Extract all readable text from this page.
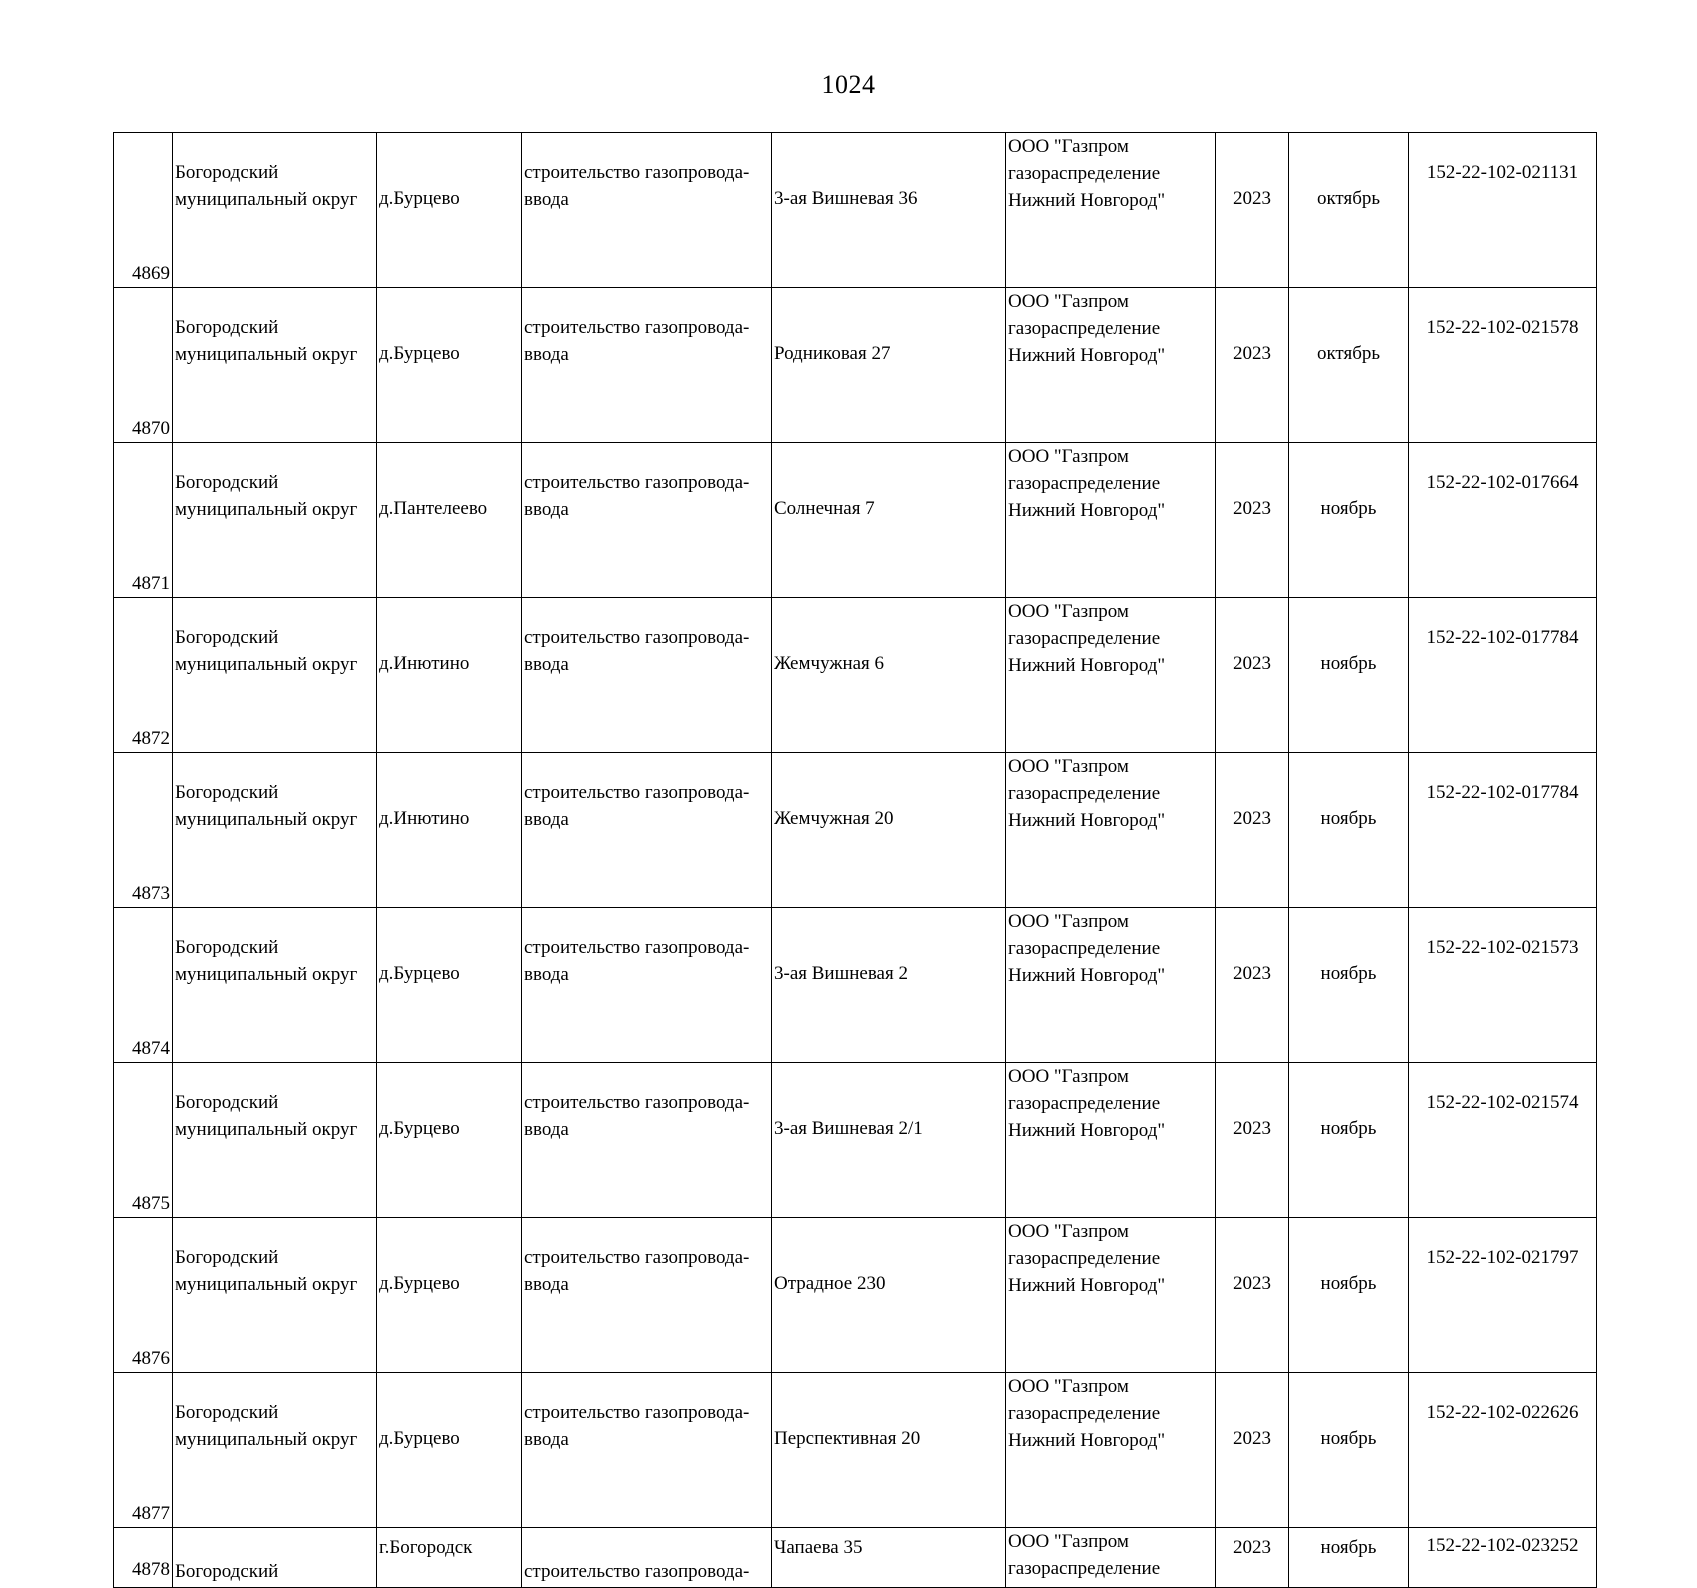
1024
4869	Богородский
муниципальный округ	д.Бурцево	строительство газопровода-
ввода	3-ая Вишневая 36	ООО "Газпром
газораспределение
Нижний Новгород"	2023	октябрь	152-22-102-021131
4870	Богородский
муниципальный округ	д.Бурцево	строительство газопровода-
ввода	Родниковая 27	ООО "Газпром
газораспределение
Нижний Новгород"	2023	октябрь	152-22-102-021578
4871	Богородский
муниципальный округ	д.Пантелеево	строительство газопровода-
ввода	Солнечная 7	ООО "Газпром
газораспределение
Нижний Новгород"	2023	ноябрь	152-22-102-017664
4872	Богородский
муниципальный округ	д.Инютино	строительство газопровода-
ввода	Жемчужная 6	ООО "Газпром
газораспределение
Нижний Новгород"	2023	ноябрь	152-22-102-017784
4873	Богородский
муниципальный округ	д.Инютино	строительство газопровода-
ввода	Жемчужная 20	ООО "Газпром
газораспределение
Нижний Новгород"	2023	ноябрь	152-22-102-017784
4874	Богородский
муниципальный округ	д.Бурцево	строительство газопровода-
ввода	3-ая Вишневая 2	ООО "Газпром
газораспределение
Нижний Новгород"	2023	ноябрь	152-22-102-021573
4875	Богородский
муниципальный округ	д.Бурцево	строительство газопровода-
ввода	3-ая Вишневая 2/1	ООО "Газпром
газораспределение
Нижний Новгород"	2023	ноябрь	152-22-102-021574
4876	Богородский
муниципальный округ	д.Бурцево	строительство газопровода-
ввода	Отрадное 230	ООО "Газпром
газораспределение
Нижний Новгород"	2023	ноябрь	152-22-102-021797
4877	Богородский
муниципальный округ	д.Бурцево	строительство газопровода-
ввода	Перспективная 20	ООО "Газпром
газораспределение
Нижний Новгород"	2023	ноябрь	152-22-102-022626
4878	Богородский	г.Богородск	строительство газопровода-	Чапаева 35	ООО "Газпром
газораспределение	2023	ноябрь	152-22-102-023252
